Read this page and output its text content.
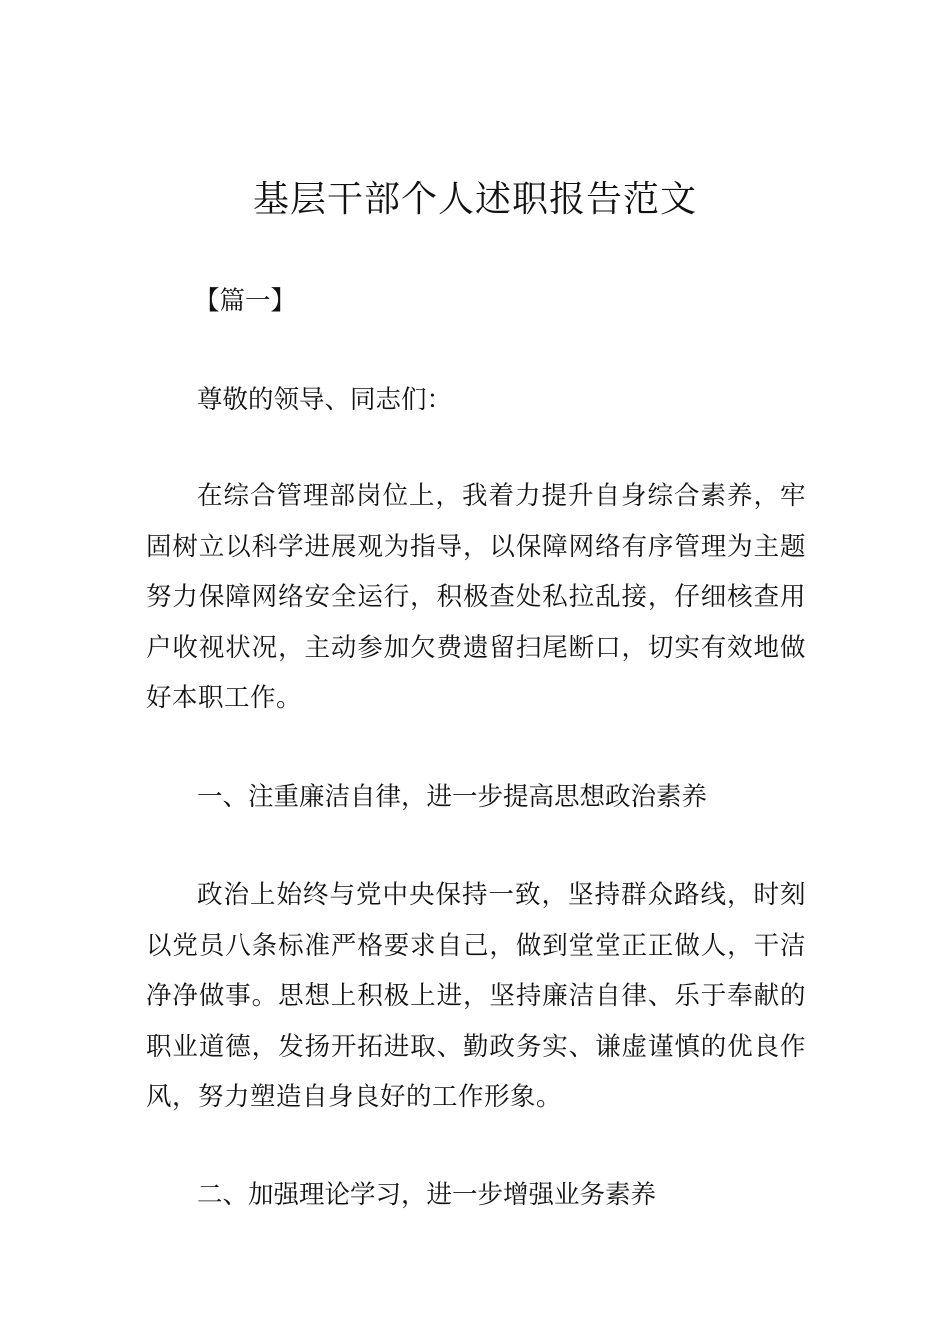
基层干部个人述职报告范文

【篇一】

尊敬的领导、同志们：

在综合管理部岗位上，我着力提升自身综合素养，牢固树立以科学进展观为指导，以保障网络有序管理为主题努力保障网络安全运行，积极查处私拉乱接，仔细核查用户收视状况，主动参加欠费遗留扫尾断口，切实有效地做好本职工作。

一、注重廉洁自律，进一步提高思想政治素养

政治上始终与党中央保持一致，坚持群众路线，时刻以党员八条标准严格要求自己，做到堂堂正正做人，干洁净净做事。思想上积极上进，坚持廉洁自律、乐于奉献的职业道德，发扬开拓进取、勤政务实、谦虚谨慎的优良作风，努力塑造自身良好的工作形象。

二、加强理论学习，进一步增强业务素养
